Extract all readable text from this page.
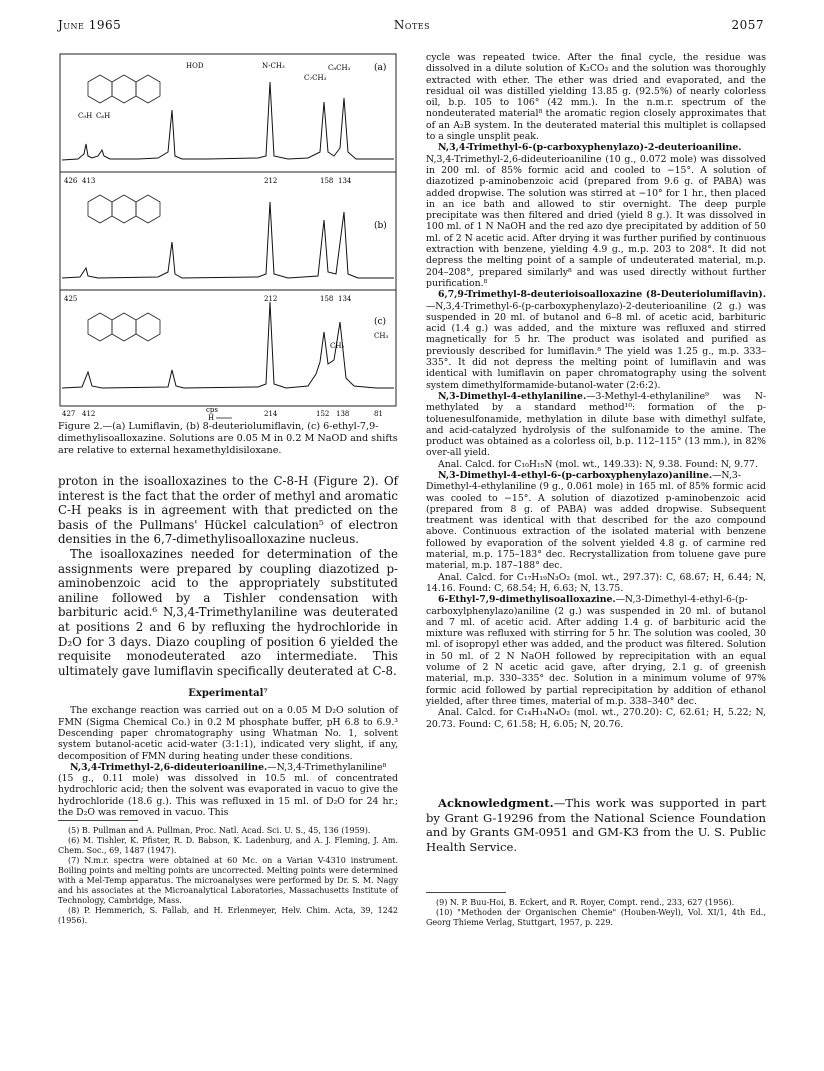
June 1965	Notes	2057
(a)
HOD	N-CH₃	C₈CH₃
C₇CH₃
C₉H C₆H
(b)
426 413	212	158 134
(c)
CH₃
CH₂
425	212	158 134
427 412	cps	214	152 138	81
H
Figure 2.—(a) Lumiflavin, (b) 8-deuteriolumiflavin, (c) 6-ethyl-7,9-dimethylisoalloxazine. Solutions are 0.05 M in 0.2 M NaOD and shifts are relative to external hexamethyldisiloxane.

proton in the isoalloxazines to the C-8-H (Figure 2). Of interest is the fact that the order of methyl and aromatic C-H peaks is in agreement with that predicted on the basis of the Pullmans' Hückel calculation⁵ of electron densities in the 6,7-dimethylisoalloxazine nucleus.

The isoalloxazines needed for determination of the assignments were prepared by coupling diazotized p-aminobenzoic acid to the appropriately substituted aniline followed by a Tishler condensation with barbituric acid.⁶ N,3,4-Trimethylaniline was deuterated at positions 2 and 6 by refluxing the hydrochloride in D₂O for 3 days. Diazo coupling of position 6 yielded the requisite monodeuterated azo intermediate. This ultimately gave lumiflavin specifically deuterated at C-8.

Experimental⁷

The exchange reaction was carried out on a 0.05 M D₂O solution of FMN (Sigma Chemical Co.) in 0.2 M phosphate buffer, pH 6.8 to 6.9.³ Descending paper chromatography using Whatman No. 1, solvent system butanol-acetic acid-water (3:1:1), indicated very slight, if any, decomposition of FMN during heating under these conditions.

N,3,4-Trimethyl-2,6-dideuterioaniline.—N,3,4-Trimethylaniline⁸ (15 g., 0.11 mole) was dissolved in 10.5 ml. of concentrated hydrochloric acid; then the solvent was evaporated in vacuo to give the hydrochloride (18.6 g.). This was refluxed in 15 ml. of D₂O for 24 hr.; the D₂O was removed in vacuo. This

cycle was repeated twice. After the final cycle, the residue was dissolved in a dilute solution of K₂CO₃ and the solution was thoroughly extracted with ether. The ether was dried and evaporated, and the residual oil was distilled yielding 13.85 g. (92.5%) of nearly colorless oil, b.p. 105 to 106° (42 mm.). In the n.m.r. spectrum of the nondeuterated material⁸ the aromatic region closely approximates that of an A₂B system. In the deuterated material this multiplet is collapsed to a single unsplit peak.

N,3,4-Trimethyl-6-(p-carboxyphenylazo)-2-deuterioaniline. N,3,4-Trimethyl-2,6-dideuterioaniline (10 g., 0.072 mole) was dissolved in 200 ml. of 85% formic acid and cooled to −15°. A solution of diazotized p-aminobenzoic acid (prepared from 9.6 g. of PABA) was added dropwise. The solution was stirred at −10° for 1 hr., then placed in an ice bath and allowed to stir overnight. The deep purple precipitate was then filtered and dried (yield 8 g.). It was dissolved in 100 ml. of 1 N NaOH and the red azo dye precipitated by addition of 50 ml. of 2 N acetic acid. After drying it was further purified by continuous extraction with benzene, yielding 4.9 g., m.p. 203 to 208°. It did not depress the melting point of a sample of undeuterated material, m.p. 204–208°, prepared similarly⁸ and was used directly without further purification.⁸

6,7,9-Trimethyl-8-deuterioisoalloxazine (8-Deuteriolumiflavin).—N,3,4-Trimethyl-6-(p-carboxyphenylazo)-2-deuterioaniline (2 g.) was suspended in 20 ml. of butanol and 6–8 ml. of acetic acid, barbituric acid (1.4 g.) was added, and the mixture was refluxed and stirred magnetically for 5 hr. The product was isolated and purified as previously described for lumiflavin.⁸ The yield was 1.25 g., m.p. 333–335°. It did not depress the melting point of lumiflavin and was identical with lumiflavin on paper chromatography using the solvent system dimethylformamide-butanol-water (2:6:2).

N,3-Dimethyl-4-ethylaniline.—3-Methyl-4-ethylaniline⁹ was N-methylated by a standard method¹⁰: formation of the p-toluenesulfonamide, methylation in dilute base with dimethyl sulfate, and acid-catalyzed hydrolysis of the sulfonamide to the amine. The product was obtained as a colorless oil, b.p. 112–115° (13 mm.), in 82% over-all yield.

Anal. Calcd. for C₁₀H₁₅N (mol. wt., 149.33): N, 9.38. Found: N, 9.77.

N,3-Dimethyl-4-ethyl-6-(p-carboxyphenylazo)aniline.—N,3-Dimethyl-4-ethylaniline (9 g., 0.061 mole) in 165 ml. of 85% formic acid was cooled to −15°. A solution of diazotized p-aminobenzoic acid (prepared from 8 g. of PABA) was added dropwise. Subsequent treatment was identical with that described for the azo compound above. Continuous extraction of the isolated material with benzene followed by evaporation of the solvent yielded 4.8 g. of carmine red material, m.p. 175–183° dec. Recrystallization from toluene gave pure material, m.p. 187–188° dec.

Anal. Calcd. for C₁₇H₁₉N₃O₂ (mol. wt., 297.37): C, 68.67; H, 6.44; N, 14.16. Found: C, 68.54; H, 6.63; N, 13.75.

6-Ethyl-7,9-dimethylisoalloxazine.—N,3-Dimethyl-4-ethyl-6-(p-carboxylphenylazo)aniline (2 g.) was suspended in 20 ml. of butanol and 7 ml. of acetic acid. After adding 1.4 g. of barbituric acid the mixture was refluxed with stirring for 5 hr. The solution was cooled, 30 ml. of isopropyl ether was added, and the product was filtered. Solution in 50 ml. of 2 N NaOH followed by reprecipitation with an equal volume of 2 N acetic acid gave, after drying, 2.1 g. of greenish material, m.p. 330–335° dec. Solution in a minimum volume of 97% formic acid followed by partial reprecipitation by addition of ethanol yielded, after three times, material of m.p. 338–340° dec.

Anal. Calcd. for C₁₄H₁₄N₄O₂ (mol. wt., 270.20): C, 62.61; H, 5.22; N, 20.73. Found: C, 61.58; H, 6.05; N, 20.76.

(5) B. Pullman and A. Pullman, Proc. Natl. Acad. Sci. U. S., 45, 136 (1959).

(6) M. Tishler, K. Pfister, R. D. Babson, K. Ladenburg, and A. J. Fleming, J. Am. Chem. Soc., 69, 1487 (1947).

(7) N.m.r. spectra were obtained at 60 Mc. on a Varian V-4310 instrument. Boiling points and melting points are uncorrected. Melting points were determined with a Mel-Temp apparatus. The microanalyses were performed by Dr. S. M. Nagy and his associates at the Microanalytical Laboratories, Massachusetts Institute of Technology, Cambridge, Mass.

(8) P. Hemmerich, S. Fallab, and H. Erlenmeyer, Helv. Chim. Acta, 39, 1242 (1956).

Acknowledgment.—This work was supported in part by Grant G-19296 from the National Science Foundation and by Grants GM-0951 and GM-K3 from the U. S. Public Health Service.

(9) N. P. Buu-Hoi, B. Eckert, and R. Royer, Compt. rend., 233, 627 (1956).

(10) "Methoden der Organischen Chemie" (Houben-Weyl), Vol. XI/1, 4th Ed., Georg Thieme Verlag, Stuttgart, 1957, p. 229.
